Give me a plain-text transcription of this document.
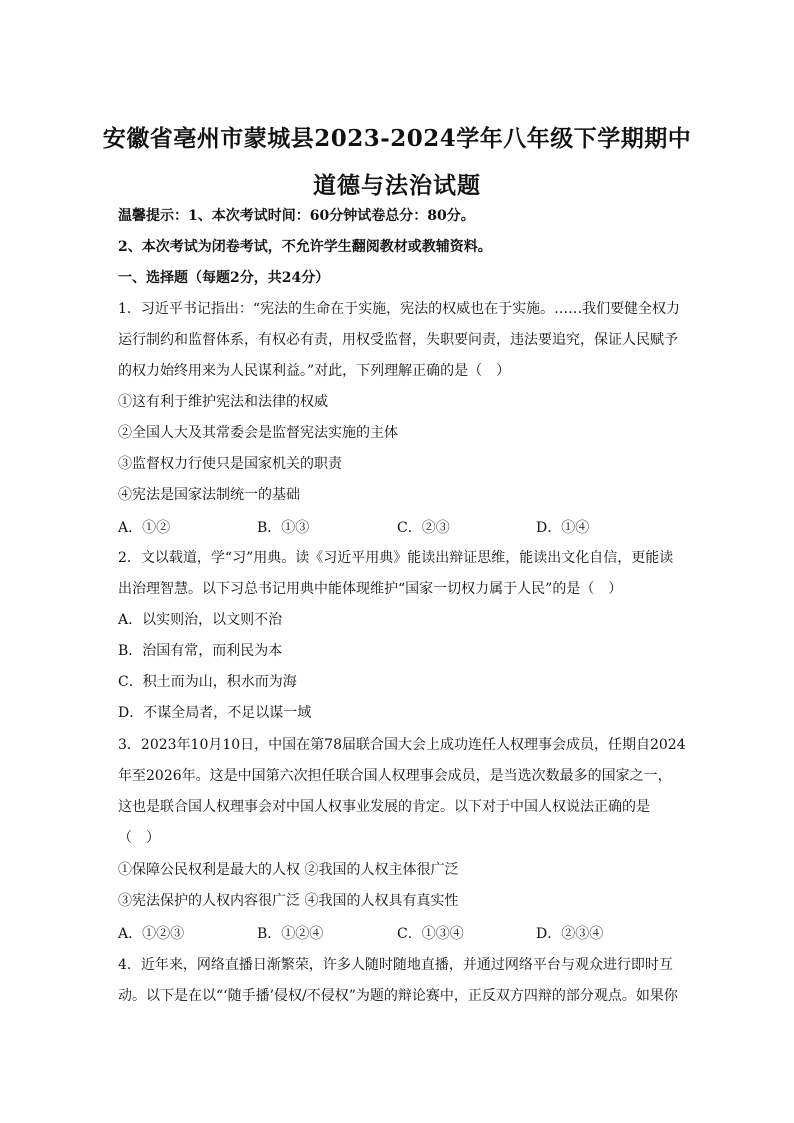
安徽省亳州市蒙城县2023-2024学年八年级下学期期中
道德与法治试题
温馨提示：1、本次考试时间：60分钟试卷总分：80分。
2、本次考试为闭卷考试，不允许学生翻阅教材或教辅资料。
一、选择题（每题2分，共24分）
1．习近平书记指出：“宪法的生命在于实施，宪法的权威也在于实施。……我们要健全权力
运行制约和监督体系，有权必有责，用权受监督，失职要问责，违法要追究，保证人民赋予
的权力始终用来为人民谋利益。”对此，下列理解正确的是（　）
①这有利于维护宪法和法律的权威
②全国人大及其常委会是监督宪法实施的主体
③监督权力行使只是国家机关的职责
④宪法是国家法制统一的基础
A．①②	B．①③	C．②③	D．①④
2．文以载道，学“习”用典。读《习近平用典》能读出辩证思维，能读出文化自信，更能读
出治理智慧。以下习总书记用典中能体现维护“国家一切权力属于人民”的是（　）
A．以实则治，以文则不治
B．治国有常，而利民为本
C．积土而为山，积水而为海
D．不谋全局者，不足以谋一域
3．2023年10月10日，中国在第78届联合国大会上成功连任人权理事会成员，任期自2024
年至2026年。这是中国第六次担任联合国人权理事会成员，是当选次数最多的国家之一，
这也是联合国人权理事会对中国人权事业发展的肯定。以下对于中国人权说法正确的是
（　）
①保障公民权利是最大的人权 ②我国的人权主体很广泛
③宪法保护的人权内容很广泛 ④我国的人权具有真实性
A．①②③	B．①②④	C．①③④	D．②③④
4．近年来，网络直播日渐繁荣，许多人随时随地直播，并通过网络平台与观众进行即时互
动。以下是在以“‘随手播’侵权/不侵权”为题的辩论赛中，正反双方四辩的部分观点。如果你
